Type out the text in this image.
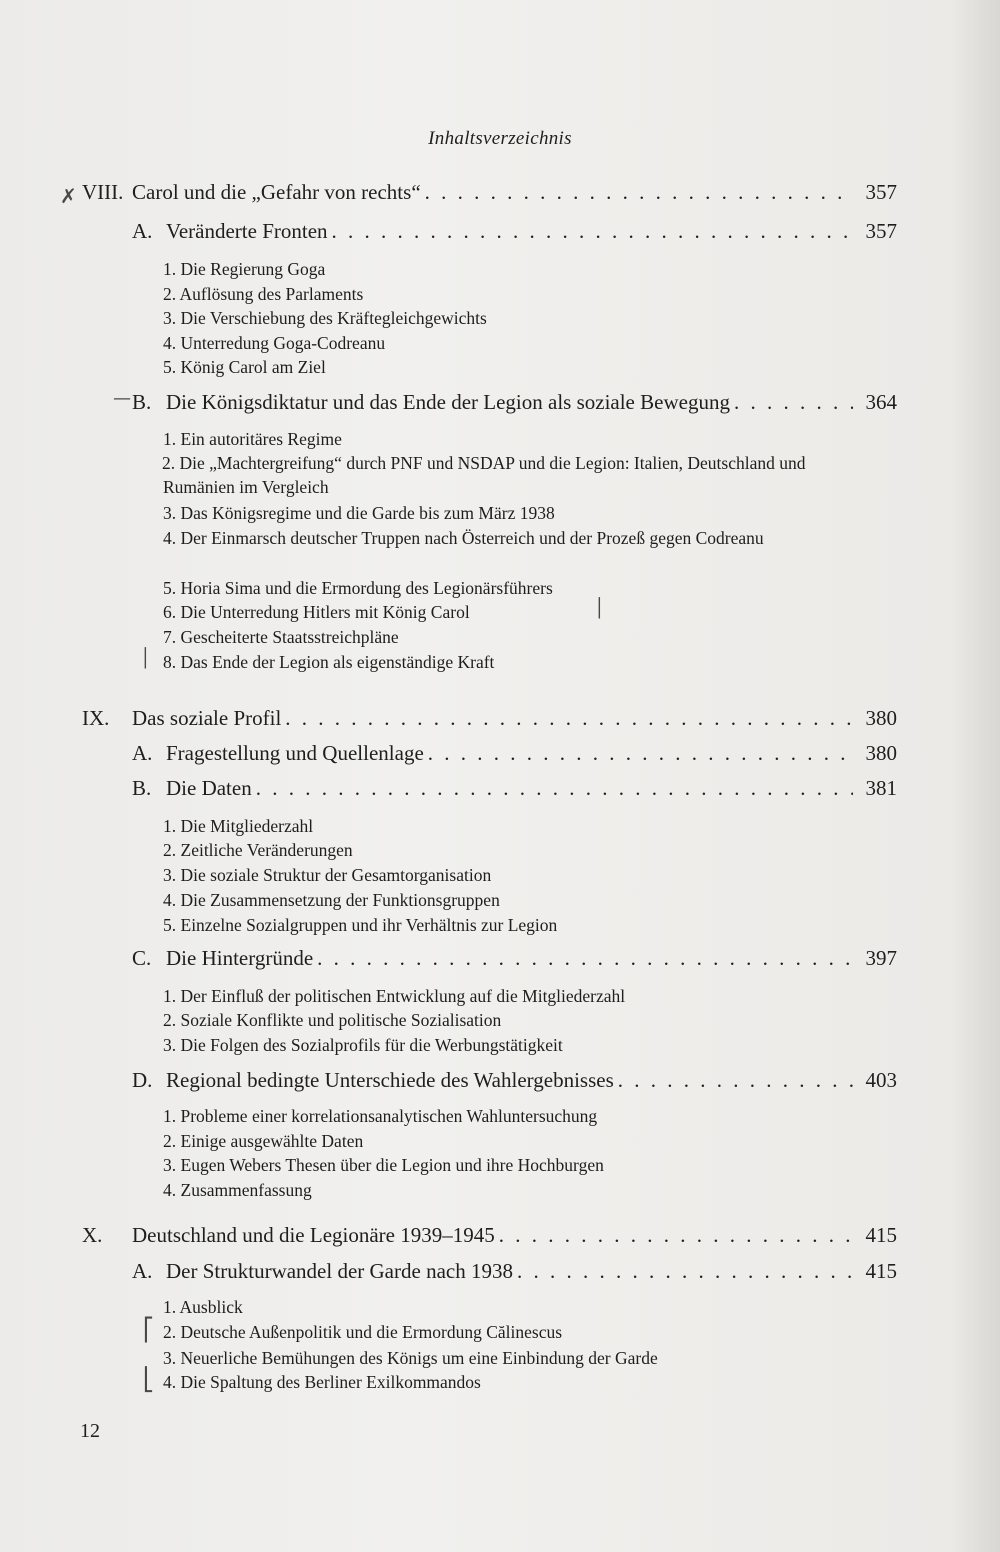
Inhaltsverzeichnis
✗
—
│
⎡
⎣
│
VIII. Carol und die „Gefahr von rechts“ . . .	357
A. Veränderte Fronten . . .	357
1. Die Regierung Goga
2. Auflösung des Parlaments
3. Die Verschiebung des Kräftegleichgewichts
4. Unterredung Goga-Codreanu
5. König Carol am Ziel
B. Die Königsdiktatur und das Ende der Legion als soziale Bewegung . . .	364
1. Ein autoritäres Regime
2. Die „Machtergreifung“ durch PNF und NSDAP und die Legion: Italien, Deutschland und Rumänien im Vergleich
3. Das Königsregime und die Garde bis zum März 1938
4. Der Einmarsch deutscher Truppen nach Österreich und der Prozeß gegen Codreanu
5. Horia Sima und die Ermordung des Legionärsführers
6. Die Unterredung Hitlers mit König Carol
7. Gescheiterte Staatsstreichpläne
8. Das Ende der Legion als eigenständige Kraft
IX.	Das soziale Profil . . .	380
A. Fragestellung und Quellenlage . . .	380
B. Die Daten . . .	381
1. Die Mitgliederzahl
2. Zeitliche Veränderungen
3. Die soziale Struktur der Gesamtorganisation
4. Die Zusammensetzung der Funktionsgruppen
5. Einzelne Sozialgruppen und ihr Verhältnis zur Legion
C. Die Hintergründe . . .	397
1. Der Einfluß der politischen Entwicklung auf die Mitgliederzahl
2. Soziale Konflikte und politische Sozialisation
3. Die Folgen des Sozialprofils für die Werbungstätigkeit
D. Regional bedingte Unterschiede des Wahlergebnisses . . .	403
1. Probleme einer korrelationsanalytischen Wahluntersuchung
2. Einige ausgewählte Daten
3. Eugen Webers Thesen über die Legion und ihre Hochburgen
4. Zusammenfassung
X.	Deutschland und die Legionäre 1939–1945 . . .	415
A. Der Strukturwandel der Garde nach 1938 . . .	415
1. Ausblick
2. Deutsche Außenpolitik und die Ermordung Călinescus
3. Neuerliche Bemühungen des Königs um eine Einbindung der Garde
4. Die Spaltung des Berliner Exilkommandos
12
